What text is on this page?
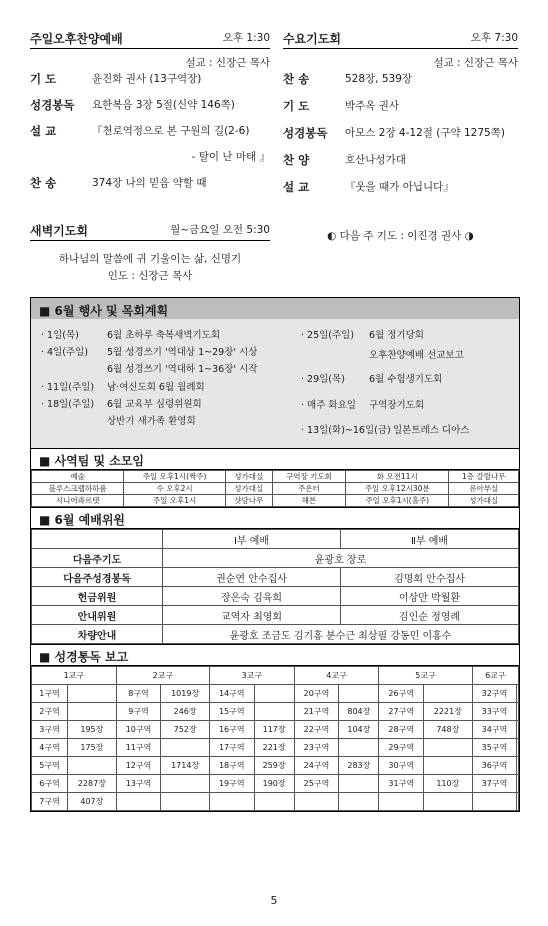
주일오후찬양예배	오후 1:30
설교 : 신장근 목사
기 도	윤진화 권사 (13구역장)
성경봉독	요한복음 3장 5절(신약 146쪽)
설 교	『천로역정으로 본 구원의 길(2-6)
- 탈이 난 마태 』
찬 송	374장 나의 믿음 약할 때
새벽기도회	월~금요일 오전 5:30
하나님의 말씀에 귀 기울이는 삶, 신명기
인도 : 신장근 목사
수요기도회	오후 7:30
설교 : 신장근 목사
찬 송	528장, 539장
기 도	박주옥 권사
성경봉독	아모스 2장 4-12절 (구약 1275쪽)
찬 양	호산나성가대
설 교	『웃을 때가 아닙니다』
◐ 다음 주 기도 : 이진경 권사 ◑
■ 6월 행사 및 목회계획
· 1일(목)	6월 초하루 축복새벽기도회
· 4일(주일) 5월 성경쓰기 '역대상 1~29장' 시상
6월 성경쓰기 '역대하 1~36장' 시작
· 11일(주일) 남·여신도회 6월 월례회
· 18일(주일) 6월 교육부 심령위원회
상반기 새가족 환영회
· 25일(주일) 6월 정기당회
오후찬양예배 선교보고
· 29일(목)	6월 수험생기도회
· 매주 화요일 구역장기도회
· 13일(화)~16일(금) 일본트레스 디아스
■ 사역팀 및 소모임
예술	주일 오후1시(짝주)	성가대실	구역장 기도회	화 오전11시	1층 갈릴나무
블루스크랩하하품	수 오후2시	성가대실	주온터	주일 오후12시30분	유아부실
시니어콰르텟	주일 오후1시	샷담나무	해븐	주일 오후1시(홀주)	성가대실
■ 6월 예배위원
	Ⅰ부 예배	Ⅱ부 예배
다음주기도	윤광호 장로	
다음주성경봉독	권순연 안수집사	김명회 안수집사
헌금위원	장은숙 김육희	이상만 박월환
안내위원	교역자 최영회	김인순 정영례
차량안내	윤광호 조금도 김기홍 분수근 최상필 강동민 이홍수	
■ 성경통독 보고
1교구		2교구		3교구		4교구		5교구		6교구	
1구역		8구역	1019장	14구역		20구역		26구역		32구역	
2구역		9구역	246장	15구역		21구역	804장	27구역	2221장	33구역	
3구역	195장	10구역	752장	16구역	117장	22구역	104장	28구역	748장	34구역	
4구역	175장	11구역		17구역	221장	23구역		29구역		35구역	
5구역		12구역	1714장	18구역	259장	24구역	283장	30구역		36구역	
6구역	2287장	13구역		19구역	190장	25구역		31구역	110장	37구역	
7구역	407장										
5
